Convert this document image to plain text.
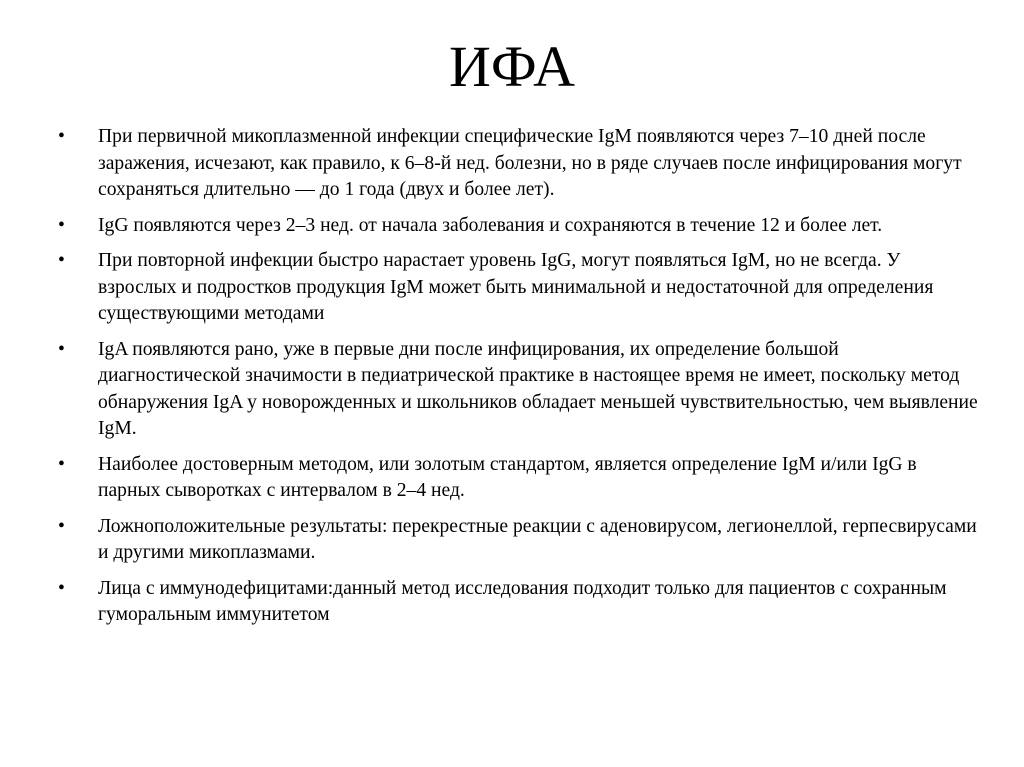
ИФА
•	При первичной микоплазменной инфекции специфические IgM появляются через 7–10 дней после заражения, исчезают, как правило, к 6–8-й нед. болезни, но в ряде случаев после инфицирования могут сохраняться длительно — до 1 года (двух и более лет).
•	IgG появляются через 2–3 нед. от начала заболевания и сохраняются в течение 12 и более лет.
•	При повторной инфекции быстро нарастает уровень IgG, могут появляться IgM, но не всегда. У взрослых и подростков продукция IgM может быть минимальной и недостаточной для определения существующими методами
•	IgA появляются рано, уже в первые дни после инфицирования, их определение большой диагностической значимости в педиатрической практике в настоящее время не имеет, поскольку метод обнаружения IgA у новорожденных и школьников обладает меньшей чувствительностью, чем выявление IgM.
•	Наиболее достоверным методом, или золотым стандартом, является определение IgM и/или IgG в парных сыворотках с интервалом в 2–4 нед.
•	Ложноположительные результаты: перекрестные реакции с аденовирусом, легионеллой, герпесвирусами и другими микоплазмами.
•	Лица с иммунодефицитами:данный метод исследования подходит только для пациентов с сохранным гуморальным иммунитетом
